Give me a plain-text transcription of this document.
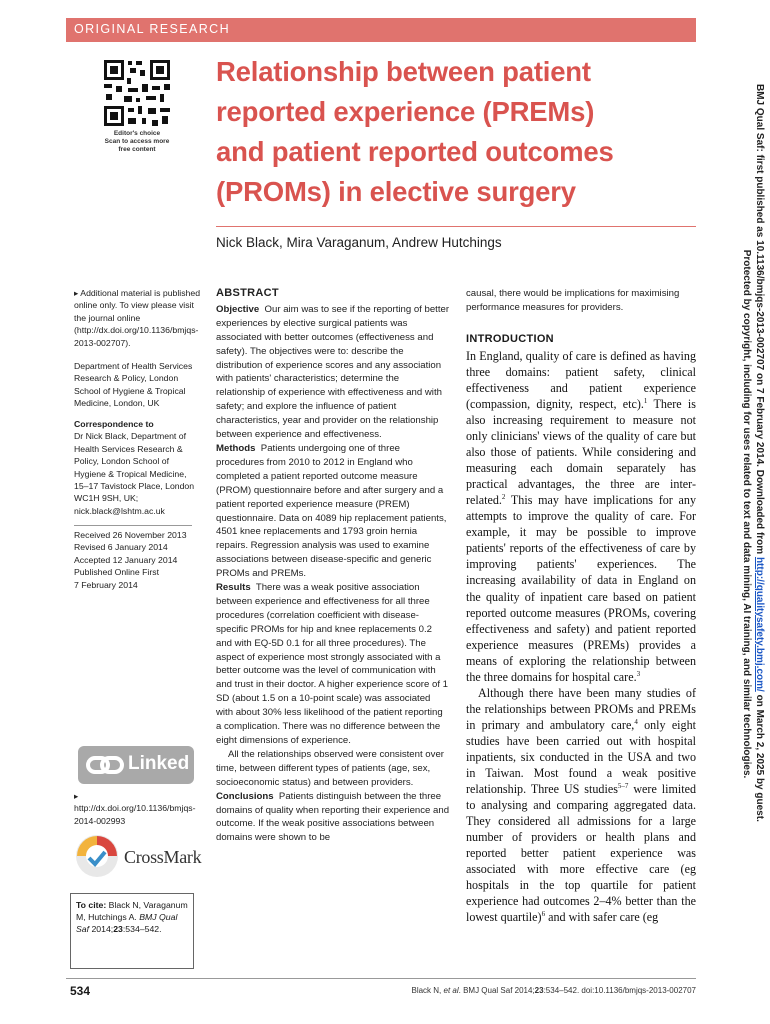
ORIGINAL RESEARCH
Editor's choice
Scan to access more
free content
Relationship between patient
reported experience (PREMs)
and patient reported outcomes
(PROMs) in elective surgery
Nick Black, Mira Varaganum, Andrew Hutchings
▸ Additional material is published online only. To view please visit the journal online (http://dx.doi.org/10.1136/bmjqs-2013-002707).
Department of Health Services Research & Policy, London School of Hygiene & Tropical Medicine, London, UK
Correspondence to
Dr Nick Black, Department of Health Services Research & Policy, London School of Hygiene & Tropical Medicine, 15–17 Tavistock Place, London WC1H 9SH, UK; nick.black@lshtm.ac.uk
Received 26 November 2013
Revised 6 January 2014
Accepted 12 January 2014
Published Online First
7 February 2014
Linked
▸ http://dx.doi.org/10.1136/bmjqs-2014-002993
CrossMark
To cite: Black N, Varaganum M, Hutchings A. BMJ Qual Saf 2014;23:534–542.
ABSTRACT

Objective Our aim was to see if the reporting of better experiences by elective surgical patients was associated with better outcomes (effectiveness and safety). The objectives were to: describe the distribution of experience scores and any association with patients' characteristics; determine the relationship of experience with effectiveness and with safety; and explore the influence of patient characteristics, year and provider on the relationship between experience and effectiveness.

Methods Patients undergoing one of three procedures from 2010 to 2012 in England who completed a patient reported outcome measure (PROM) questionnaire before and after surgery and a patient reported experience measure (PREM) questionnaire. Data on 4089 hip replacement patients, 4501 knee replacements and 1793 groin hernia repairs. Regression analysis was used to examine associations between disease-specific and generic PROMs and PREMs.

Results There was a weak positive association between experience and effectiveness for all three procedures (correlation coefficient with disease-specific PROMs for hip and knee replacements 0.2 and with EQ-5D 0.1 for all three procedures). The aspect of experience most strongly associated with a better outcome was the level of communication with and trust in their doctor. A higher experience score of 1 SD (about 1.5 on a 10-point scale) was associated with about 30% less likelihood of the patient reporting a complication. There was no difference between the eight dimensions of experience.

All the relationships observed were consistent over time, between different types of patients (age, sex, socioeconomic status) and between providers.

Conclusions Patients distinguish between the three domains of quality when reporting their experience and outcome. If the weak positive associations between domains were shown to be

causal, there would be implications for maximising performance measures for providers.
INTRODUCTION

In England, quality of care is defined as having three domains: patient safety, clinical effectiveness and patient experience (compassion, dignity, respect, etc).$^1$ There is also increasing requirement to measure not only clinicians' views of the quality of care but also those of patients. While considering and measuring each domain separately has practical advantages, the three are inter-related.$^2$ This may have implications for any attempts to improve the quality of care. For example, it may be possible to improve patients' reports of the effectiveness of care by improving patients' experiences. The increasing availability of data in England on the quality of inpatient care based on patient reported outcome measures (PROMs, covering effectiveness and safety) and patient reported experience measures (PREMs) provides a means of exploring the relationship between the three domains for hospital care.$^3$

Although there have been many studies of the relationships between PROMs and PREMs in primary and ambulatory care,$^4$ only eight studies have been carried out with hospital inpatients, six conducted in the USA and two in Taiwan. Most found a weak positive relationship. Three US studies$^{5-7}$ were limited to analysing and comparing aggregated data. They considered all admissions for a large number of providers or health plans and reported better patient experience was associated with more effective care (eg hospitals in the top quartile for patient experience had outcomes 2–4% better than the lowest quartile)$^6$ and with safer care (eg

BMJ Qual Saf: first published as 10.1136/bmjqs-2013-002707 on 7 February 2014. Downloaded from http://qualitysafety.bmj.com/ on March 2, 2025 by guest.
Protected by copyright, including for uses related to text and data mining, AI training, and similar technologies.
534	Black N, et al. BMJ Qual Saf 2014;23:534–542. doi:10.1136/bmjqs-2013-002707
